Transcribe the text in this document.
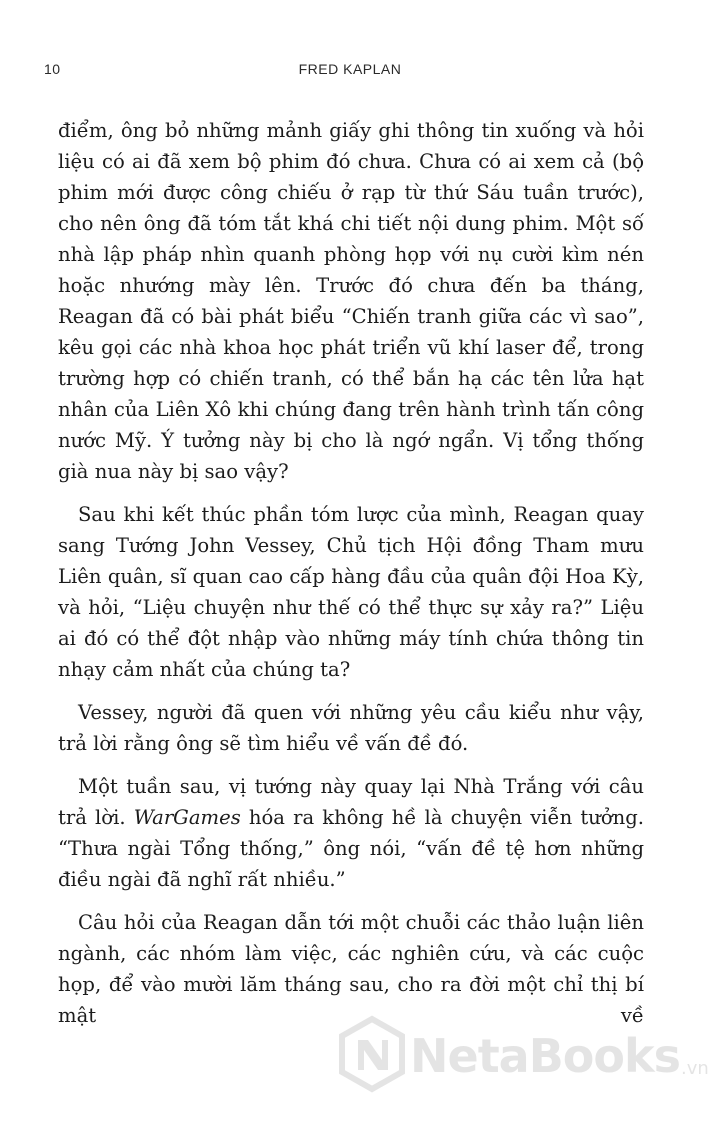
10	FRED KAPLAN

điểm, ông bỏ những mảnh giấy ghi thông tin xuống và hỏi liệu có ai đã xem bộ phim đó chưa. Chưa có ai xem cả (bộ phim mới được công chiếu ở rạp từ thứ Sáu tuần trước), cho nên ông đã tóm tắt khá chi tiết nội dung phim. Một số nhà lập pháp nhìn quanh phòng họp với nụ cười kìm nén hoặc nhướng mày lên. Trước đó chưa đến ba tháng, Reagan đã có bài phát biểu “Chiến tranh giữa các vì sao”, kêu gọi các nhà khoa học phát triển vũ khí laser để, trong trường hợp có chiến tranh, có thể bắn hạ các tên lửa hạt nhân của Liên Xô khi chúng đang trên hành trình tấn công nước Mỹ. Ý tưởng này bị cho là ngớ ngẩn. Vị tổng thống già nua này bị sao vậy?

Sau khi kết thúc phần tóm lược của mình, Reagan quay sang Tướng John Vessey, Chủ tịch Hội đồng Tham mưu Liên quân, sĩ quan cao cấp hàng đầu của quân đội Hoa Kỳ, và hỏi, “Liệu chuyện như thế có thể thực sự xảy ra?” Liệu ai đó có thể đột nhập vào những máy tính chứa thông tin nhạy cảm nhất của chúng ta?

Vessey, người đã quen với những yêu cầu kiểu như vậy, trả lời rằng ông sẽ tìm hiểu về vấn đề đó.

Một tuần sau, vị tướng này quay lại Nhà Trắng với câu trả lời. WarGames hóa ra không hề là chuyện viễn tưởng. “Thưa ngài Tổng thống,” ông nói, “vấn đề tệ hơn những điều ngài đã nghĩ rất nhiều.”

Câu hỏi của Reagan dẫn tới một chuỗi các thảo luận liên ngành, các nhóm làm việc, các nghiên cứu, và các cuộc họp, để vào mười lăm tháng sau, cho ra đời một chỉ thị bí mật về

NetaBooks .vn
